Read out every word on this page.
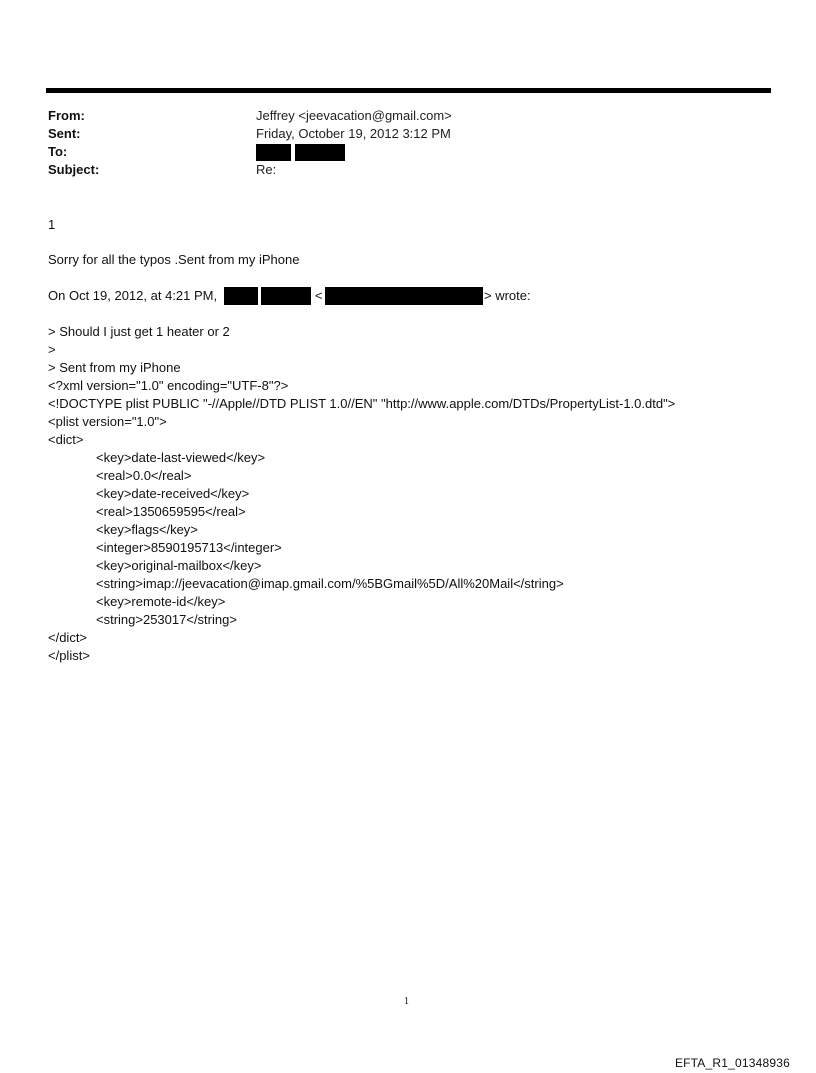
From:	Jeffrey <jeevacation@gmail.com>
Sent:	Friday, October 19, 2012 3:12 PM
To:
Subject:	Re:
1
Sorry for all the typos .Sent from my iPhone
On Oct 19, 2012, at 4:21 PM,	<	> wrote:
> Should I just get 1 heater or 2
>
> Sent from my iPhone
<?xml version="1.0" encoding="UTF-8"?>
<!DOCTYPE plist PUBLIC "-//Apple//DTD PLIST 1.0//EN" "http://www.apple.com/DTDs/PropertyList-1.0.dtd">
<plist version="1.0">
<dict>
<key>date-last-viewed</key>
<real>0.0</real>
<key>date-received</key>
<real>1350659595</real>
<key>flags</key>
<integer>8590195713</integer>
<key>original-mailbox</key>
<string>imap://jeevacation@imap.gmail.com/%5BGmail%5D/All%20Mail</string>
<key>remote-id</key>
<string>253017</string>
</dict>
</plist>
1
EFTA_R1_01348936
